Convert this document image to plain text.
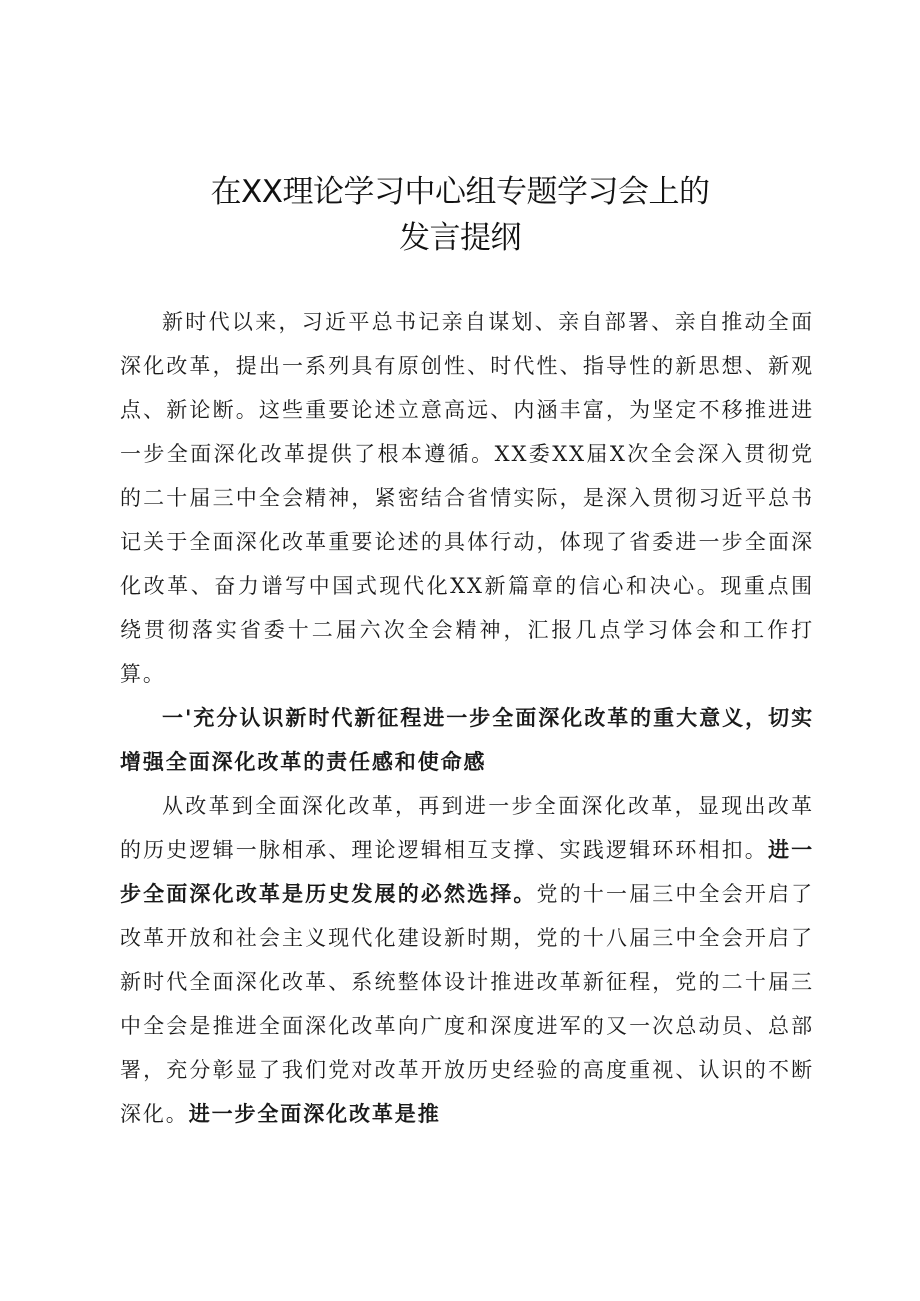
在XX理论学习中心组专题学习会上的
发言提纲

新时代以来，习近平总书记亲自谋划、亲自部署、亲自推动全面深化改革，提出一系列具有原创性、时代性、指导性的新思想、新观点、新论断。这些重要论述立意高远、内涵丰富，为坚定不移推进进一步全面深化改革提供了根本遵循。XX委XX届X次全会深入贯彻党的二十届三中全会精神，紧密结合省情实际，是深入贯彻习近平总书记关于全面深化改革重要论述的具体行动，体现了省委进一步全面深化改革、奋力谱写中国式现代化XX新篇章的信心和决心。现重点围绕贯彻落实省委十二届六次全会精神，汇报几点学习体会和工作打算。

一'充分认识新时代新征程进一步全面深化改革的重大意义，切实增强全面深化改革的责任感和使命感

从改革到全面深化改革，再到进一步全面深化改革，显现出改革的历史逻辑一脉相承、理论逻辑相互支撑、实践逻辑环环相扣。进一步全面深化改革是历史发展的必然选择。党的十一届三中全会开启了改革开放和社会主义现代化建设新时期，党的十八届三中全会开启了新时代全面深化改革、系统整体设计推进改革新征程，党的二十届三中全会是推进全面深化改革向广度和深度进军的又一次总动员、总部署，充分彰显了我们党对改革开放历史经验的高度重视、认识的不断深化。进一步全面深化改革是推
